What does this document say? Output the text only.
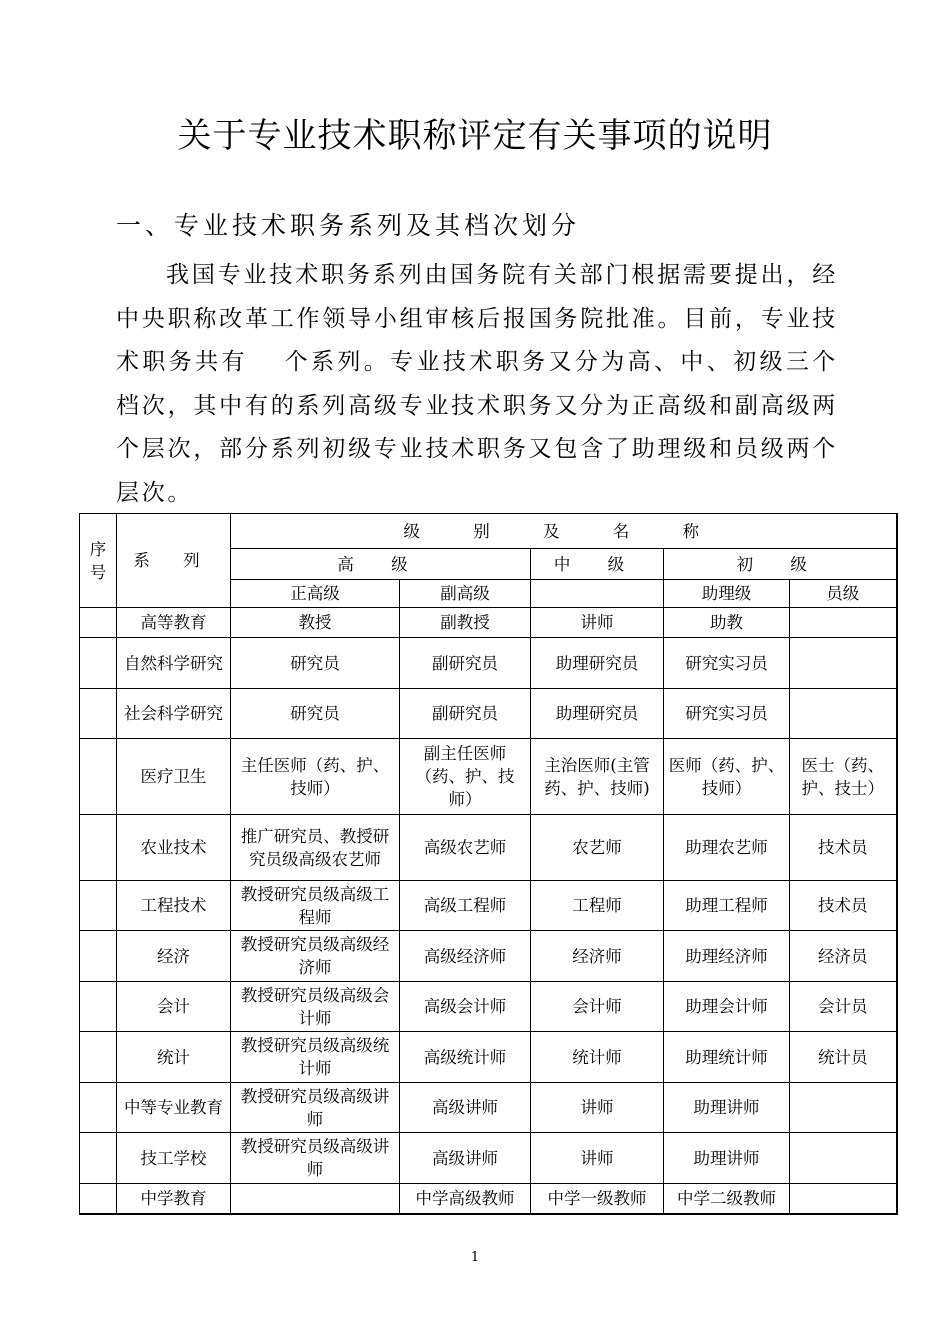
关于专业技术职称评定有关事项的说明
一、专业技术职务系列及其档次划分

我国专业技术职务系列由国务院有关部门根据需要提出，经中央职称改革工作领导小组审核后报国务院批准。目前，专业技术职务共有 个系列。专业技术职务又分为高、中、初级三个档次，其中有的系列高级专业技术职务又分为正高级和副高级两个层次，部分系列初级专业技术职务又包含了助理级和员级两个层次。

序号	系 列	级 别 及 名 称				
		高 级		中 级	初 级	
		正高级	副高级		助理级	员级
	高等教育	教授	副教授	讲师	助教	
	自然科学研究	研究员	副研究员	助理研究员	研究实习员	
	社会科学研究	研究员	副研究员	助理研究员	研究实习员	
	医疗卫生	主任医师（药、护、技师）	副主任医师（药、护、技师）	主治医师(主管药、护、技师)	医师（药、护、技师）	医士（药、护、技士）
	农业技术	推广研究员、教授研究员级高级农艺师	高级农艺师	农艺师	助理农艺师	技术员
	工程技术	教授研究员级高级工程师	高级工程师	工程师	助理工程师	技术员
	经济	教授研究员级高级经济师	高级经济师	经济师	助理经济师	经济员
	会计	教授研究员级高级会计师	高级会计师	会计师	助理会计师	会计员
	统计	教授研究员级高级统计师	高级统计师	统计师	助理统计师	统计员
	中等专业教育	教授研究员级高级讲师	高级讲师	讲师	助理讲师	
	技工学校	教授研究员级高级讲师	高级讲师	讲师	助理讲师	
	中学教育		中学高级教师	中学一级教师	中学二级教师	
1
